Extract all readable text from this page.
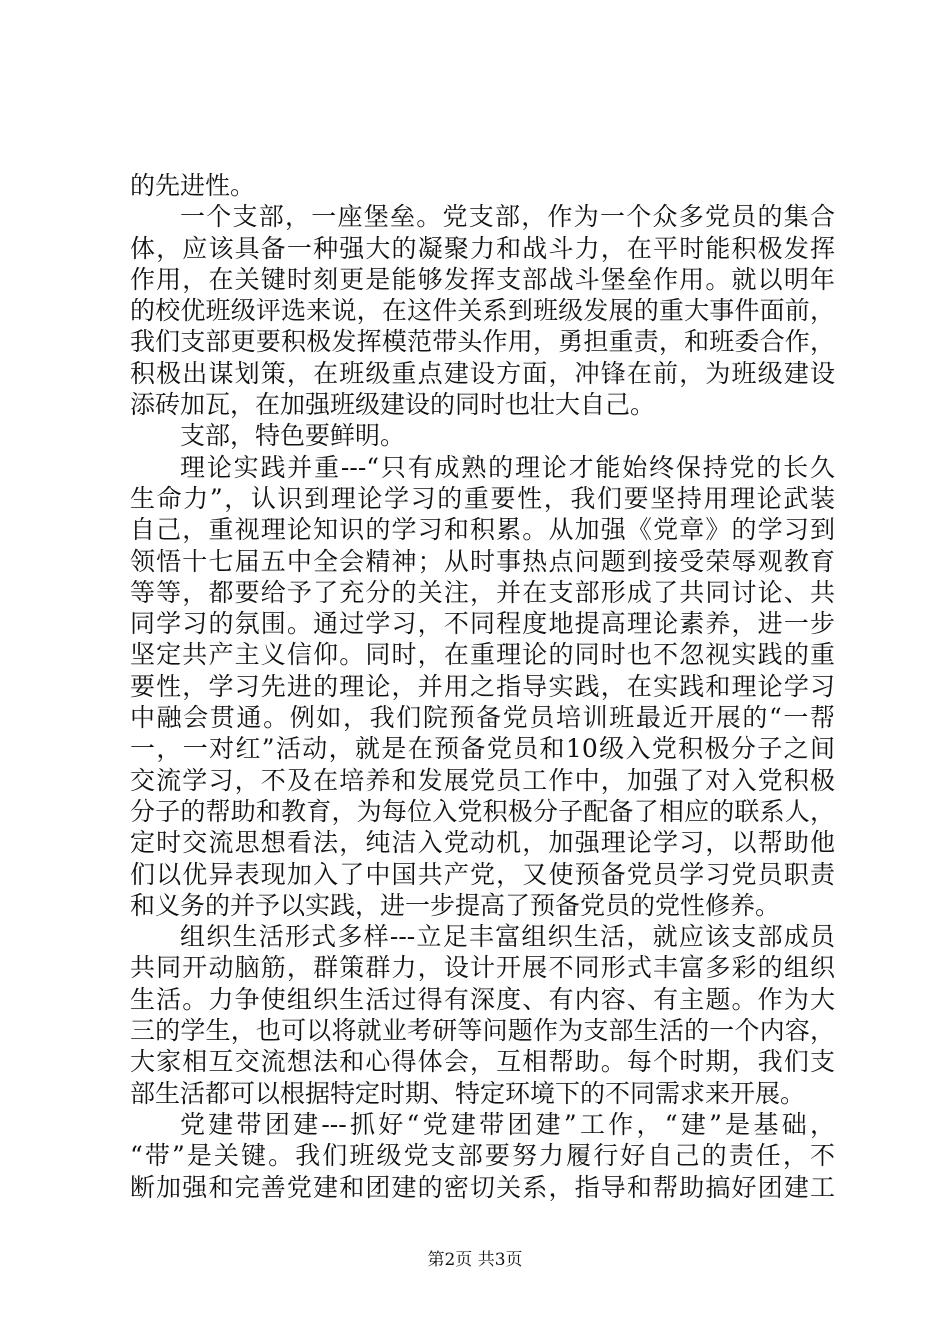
的先进性。
一个支部，一座堡垒。党支部，作为一个众多党员的集合
体，应该具备一种强大的凝聚力和战斗力，在平时能积极发挥
作用，在关键时刻更是能够发挥支部战斗堡垒作用。就以明年
的校优班级评选来说，在这件关系到班级发展的重大事件面前，
我们支部更要积极发挥模范带头作用，勇担重责，和班委合作，
积极出谋划策，在班级重点建设方面，冲锋在前，为班级建设
添砖加瓦，在加强班级建设的同时也壮大自己。
支部，特色要鲜明。
理论实践并重---“只有成熟的理论才能始终保持党的长久
生命力”，认识到理论学习的重要性，我们要坚持用理论武装
自己，重视理论知识的学习和积累。从加强《党章》的学习到
领悟十七届五中全会精神；从时事热点问题到接受荣辱观教育
等等，都要给予了充分的关注，并在支部形成了共同讨论、共
同学习的氛围。通过学习，不同程度地提高理论素养，进一步
坚定共产主义信仰。同时，在重理论的同时也不忽视实践的重
要性，学习先进的理论，并用之指导实践，在实践和理论学习
中融会贯通。例如，我们院预备党员培训班最近开展的“一帮
一，一对红”活动，就是在预备党员和10级入党积极分子之间
交流学习，不及在培养和发展党员工作中，加强了对入党积极
分子的帮助和教育，为每位入党积极分子配备了相应的联系人，
定时交流思想看法，纯洁入党动机，加强理论学习，以帮助他
们以优异表现加入了中国共产党，又使预备党员学习党员职责
和义务的并予以实践，进一步提高了预备党员的党性修养。
组织生活形式多样---立足丰富组织生活，就应该支部成员
共同开动脑筋，群策群力，设计开展不同形式丰富多彩的组织
生活。力争使组织生活过得有深度、有内容、有主题。作为大
三的学生，也可以将就业考研等问题作为支部生活的一个内容，
大家相互交流想法和心得体会，互相帮助。每个时期，我们支
部生活都可以根据特定时期、特定环境下的不同需求来开展。
党建带团建---抓好“党建带团建”工作，“建”是基础，
“带”是关键。我们班级党支部要努力履行好自己的责任，不
断加强和完善党建和团建的密切关系，指导和帮助搞好团建工
第2页 共3页
